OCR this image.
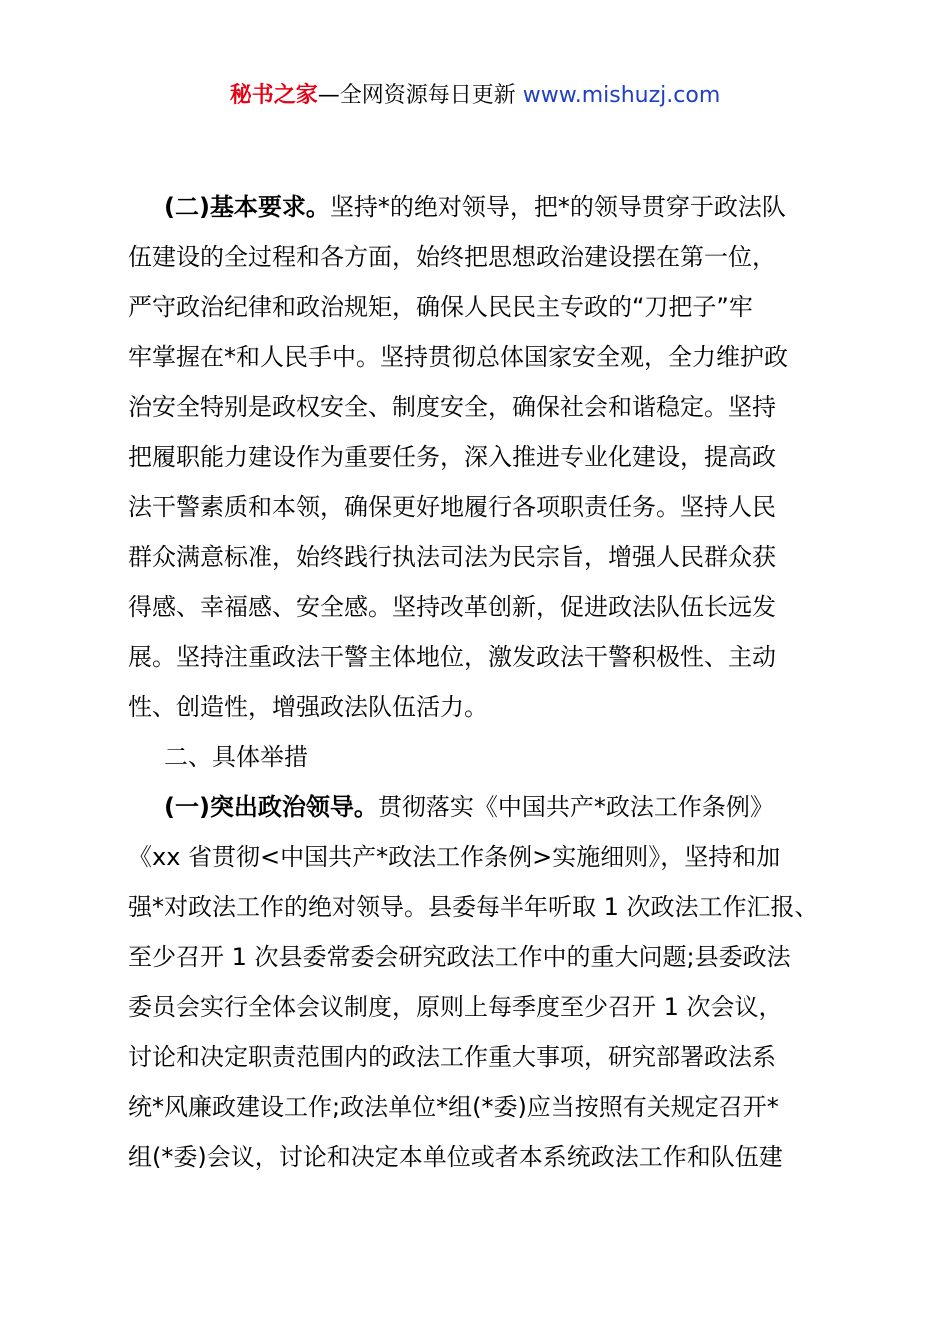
秘书之家—全网资源每日更新 www.mishuzj.com
(二)基本要求。坚持*的绝对领导，把*的领导贯穿于政法队
伍建设的全过程和各方面，始终把思想政治建设摆在第一位，
严守政治纪律和政治规矩，确保人民民主专政的“刀把子”牢
牢掌握在*和人民手中。坚持贯彻总体国家安全观，全力维护政
治安全特别是政权安全、制度安全，确保社会和谐稳定。坚持
把履职能力建设作为重要任务，深入推进专业化建设，提高政
法干警素质和本领，确保更好地履行各项职责任务。坚持人民
群众满意标准，始终践行执法司法为民宗旨，增强人民群众获
得感、幸福感、安全感。坚持改革创新，促进政法队伍长远发
展。坚持注重政法干警主体地位，激发政法干警积极性、主动
性、创造性，增强政法队伍活力。
二、具体举措
(一)突出政治领导。贯彻落实《中国共产*政法工作条例》
《xx 省贯彻<中国共产*政法工作条例>实施细则》，坚持和加
强*对政法工作的绝对领导。县委每半年听取 1 次政法工作汇报、
至少召开 1 次县委常委会研究政法工作中的重大问题;县委政法
委员会实行全体会议制度，原则上每季度至少召开 1 次会议，
讨论和决定职责范围内的政法工作重大事项，研究部署政法系
统*风廉政建设工作;政法单位*组(*委)应当按照有关规定召开*
组(*委)会议，讨论和决定本单位或者本系统政法工作和队伍建
